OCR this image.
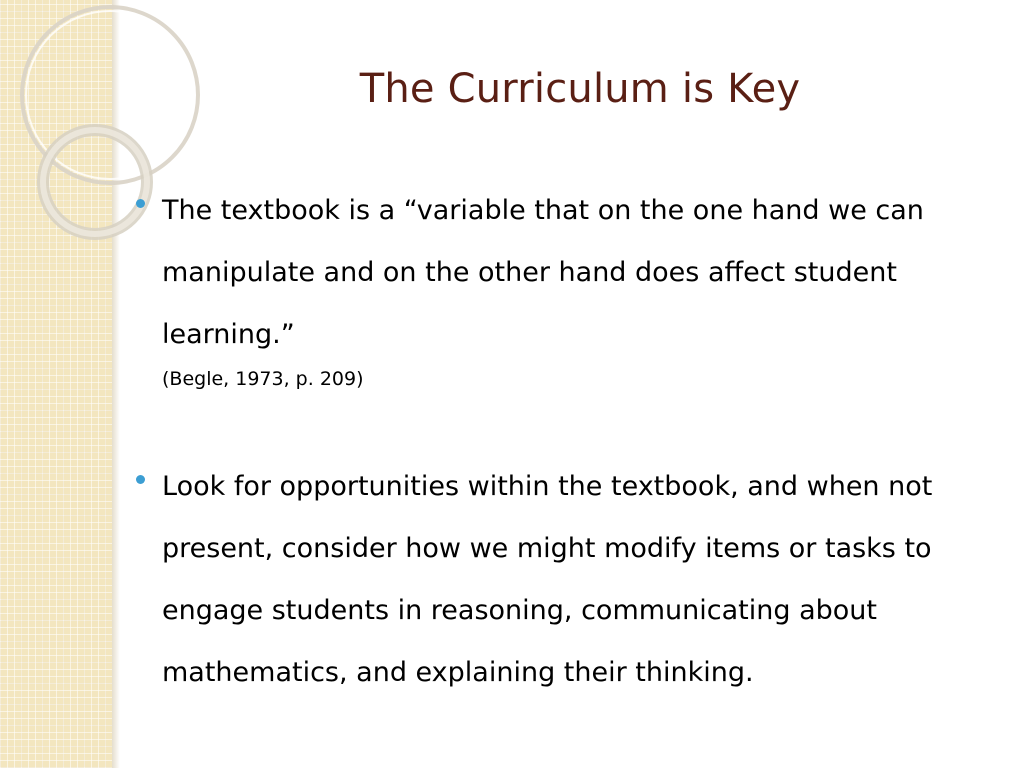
The Curriculum is Key

The textbook is a “variable that on the one hand we can manipulate and on the other hand does affect student learning.”

(Begle, 1973, p. 209)

Look for opportunities within the textbook, and when not present, consider how we might modify items or tasks to engage students in reasoning, communicating about mathematics, and explaining their thinking.
